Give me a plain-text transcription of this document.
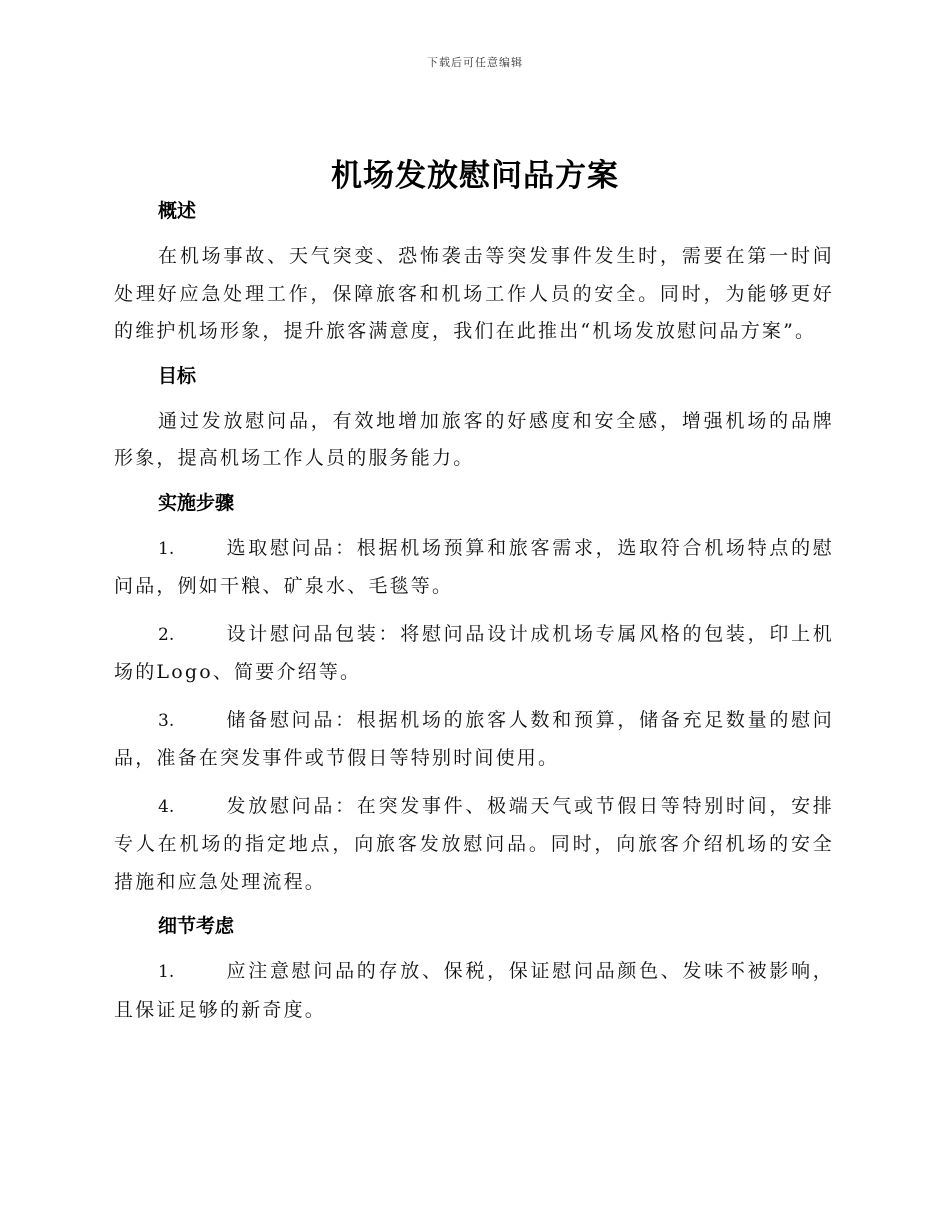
下载后可任意编辑
机场发放慰问品方案
概述

在机场事故、天气突变、恐怖袭击等突发事件发生时，需要在第一时间处理好应急处理工作，保障旅客和机场工作人员的安全。同时，为能够更好的维护机场形象，提升旅客满意度，我们在此推出“机场发放慰问品方案”。

目标

通过发放慰问品，有效地增加旅客的好感度和安全感，增强机场的品牌形象，提高机场工作人员的服务能力。

实施步骤

1.	选取慰问品：根据机场预算和旅客需求，选取符合机场特点的慰问品，例如干粮、矿泉水、毛毯等。

2.	设计慰问品包装：将慰问品设计成机场专属风格的包装，印上机场的Logo、简要介绍等。

3.	储备慰问品：根据机场的旅客人数和预算，储备充足数量的慰问品，准备在突发事件或节假日等特别时间使用。

4.	发放慰问品：在突发事件、极端天气或节假日等特别时间，安排专人在机场的指定地点，向旅客发放慰问品。同时，向旅客介绍机场的安全措施和应急处理流程。

细节考虑

1.	应注意慰问品的存放、保税，保证慰问品颜色、发味不被影响，且保证足够的新奇度。
